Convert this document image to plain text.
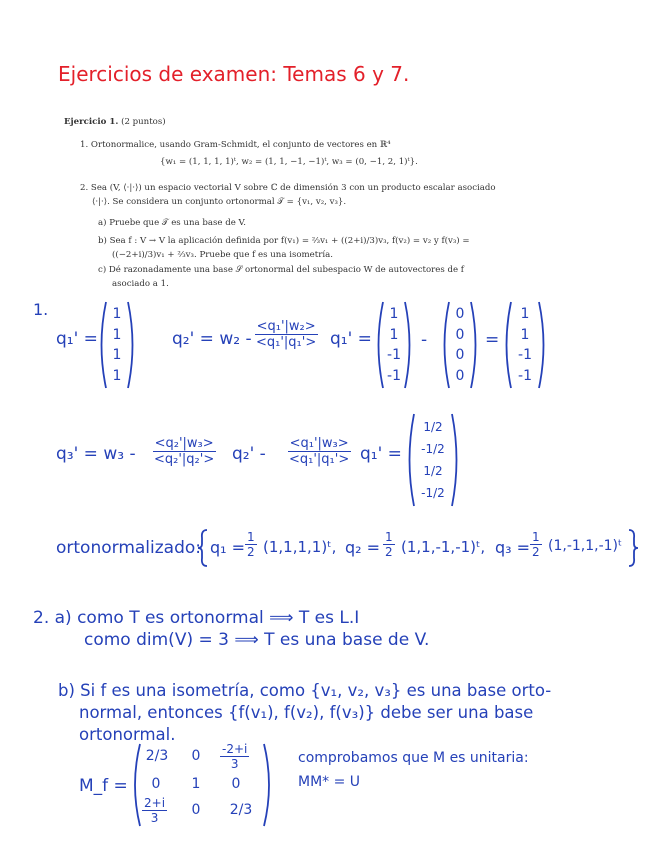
Ejercicios de examen: Temas 6 y 7.
Ejercicio 1. (2 puntos)
1. Ortonormalice, usando Gram-Schmidt, el conjunto de vectores en ℝ⁴
{w₁ = (1, 1, 1, 1)ᵗ, w₂ = (1, 1, −1, −1)ᵗ, w₃ = (0, −1, 2, 1)ᵗ}.
2. Sea (V, ⟨·|·⟩) un espacio vectorial V sobre ℂ de dimensión 3 con un producto escalar asociado
⟨·|·⟩. Se considera un conjunto ortonormal 𝒯 = {v₁, v₂, v₃}.
a) Pruebe que 𝒯 es una base de V.
b) Sea f : V → V la aplicación definida por f(v₁) = ⅔v₁ + ((2+i)/3)v₃, f(v₂) = v₂ y f(v₃) =
((−2+i)/3)v₁ + ⅔v₃. Pruebe que f es una isometría.
c) Dé razonadamente una base 𝒮 ortonormal del subespacio W de autovectores de f
asociado a 1.
1.
q₁' =
1
1
1
1
$q_2' = w_2 - \frac{\text{<q₁'|w₂>}}{\text{<q₁'|q₁'>}} q_1'$ =
1
1
-1
-1
-
0
0
0
0
=
1
1
-1
-1
$q_3' = w_3 - \frac{\text{<q₂'|w₃>}}{\text{<q₂'|q₂'>}} q_2' - \frac{\text{<q₁'|w₃>}}{\text{<q₁'|q₁'>}} q_1'$ =
1/2
-1/2
1/2
-1/2
ortonormalizado: $q_1 = \frac{1}{2}$ (1,1,1,1)ᵗ, $q_2 = \frac{1}{2}$ (1,1,-1,-1)ᵗ, $q_3 = \frac{1}{2}$ (1,-1,1,-1)ᵗ
2. a) como T es ortonormal ⟹ T es L.I
como dim(V) = 3 ⟹ T es una base de V.
b) Si f es una isometría, como {v₁, v₂, v₃} es una base orto-
normal, entonces {f(v₁), f(v₂), f(v₃)} debe ser una base
ortonormal.
M_f =
2/3	0	$\frac{-2+i}{3}$
0	1	0
$\frac{2+i}{3}$	0	2/3
comprobamos que M es unitaria:
MM* = U
